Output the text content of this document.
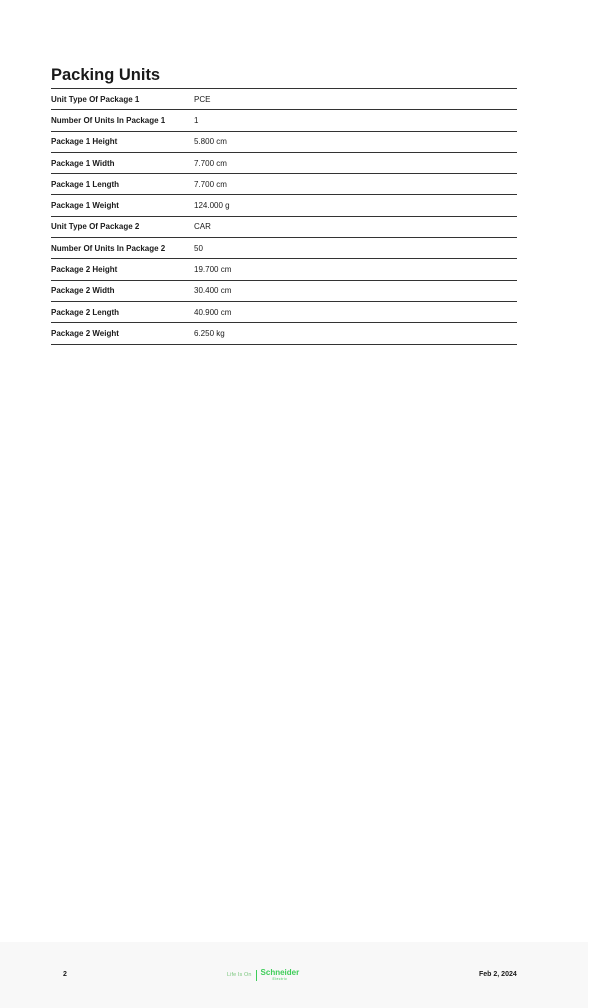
Packing Units
Unit Type Of Package 1	PCE
Number Of Units In Package 1	1
Package 1 Height	5.800 cm
Package 1 Width	7.700 cm
Package 1 Length	7.700 cm
Package 1 Weight	124.000 g
Unit Type Of Package 2	CAR
Number Of Units In Package 2	50
Package 2 Height	19.700 cm
Package 2 Width	30.400 cm
Package 2 Length	40.900 cm
Package 2 Weight	6.250 kg
2	Life Is On Schneider
Electric
Feb 2, 2024
